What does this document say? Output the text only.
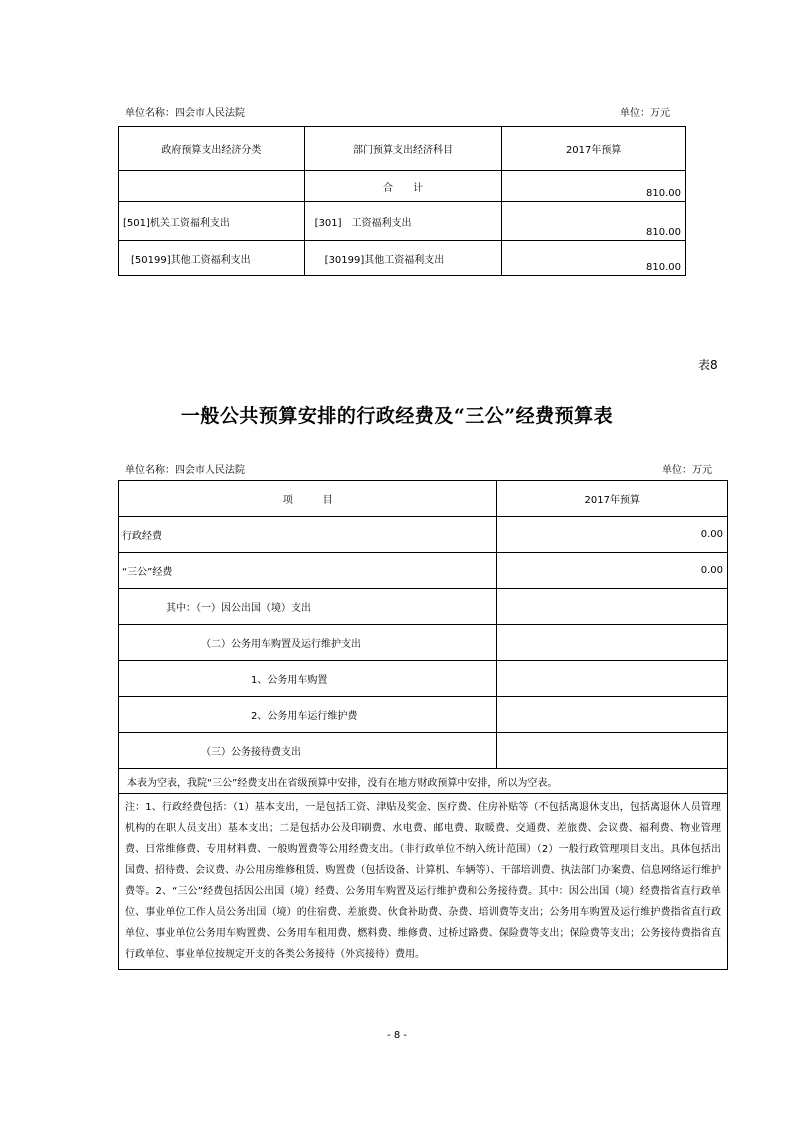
单位名称：四会市人民法院	单位：万元
政府预算支出经济分类	部门预算支出经济科目	2017年预算
	合　　计	810.00
[501]机关工资福利支出	[301]　工资福利支出	810.00
[50199]其他工资福利支出	[30199]其他工资福利支出	810.00
表8
一般公共预算安排的行政经费及“三公”经费预算表
单位名称：四会市人民法院	单位：万元
项　　　目	2017年预算
行政经费	0.00
“三公”经费	0.00
其中：（一）因公出国（境）支出	
（二）公务用车购置及运行维护支出	
1、公务用车购置	
2、公务用车运行维护费	
（三）公务接待费支出	
本表为空表，我院“三公”经费支出在省级预算中安排，没有在地方财政预算中安排，所以为空表。	
注：1、行政经费包括：（1）基本支出，一是包括工资、津贴及奖金、医疗费、住房补贴等（不包括离退休支出，包括离退休人员管理机构的在职人员支出）基本支出；二是包括办公及印刷费、水电费、邮电费、取暖费、交通费、差旅费、会议费、福利费、物业管理费、日常维修费、专用材料费、一般购置费等公用经费支出。（非行政单位不纳入统计范围）（2）一般行政管理项目支出。具体包括出国费、招待费、会议费、办公用房维修租赁、购置费（包括设备、计算机、车辆等）、干部培训费、执法部门办案费、信息网络运行维护费等。2、“三公”经费包括因公出国（境）经费、公务用车购置及运行维护费和公务接待费。其中：因公出国（境）经费指省直行政单位、事业单位工作人员公务出国（境）的住宿费、差旅费、伙食补助费、杂费、培训费等支出；公务用车购置及运行维护费指省直行政单位、事业单位公务用车购置费、公务用车租用费、燃料费、维修费、过桥过路费、保险费等支出；保险费等支出；公务接待费指省直行政单位、事业单位按规定开支的各类公务接待（外宾接待）费用。	
- 8 -
